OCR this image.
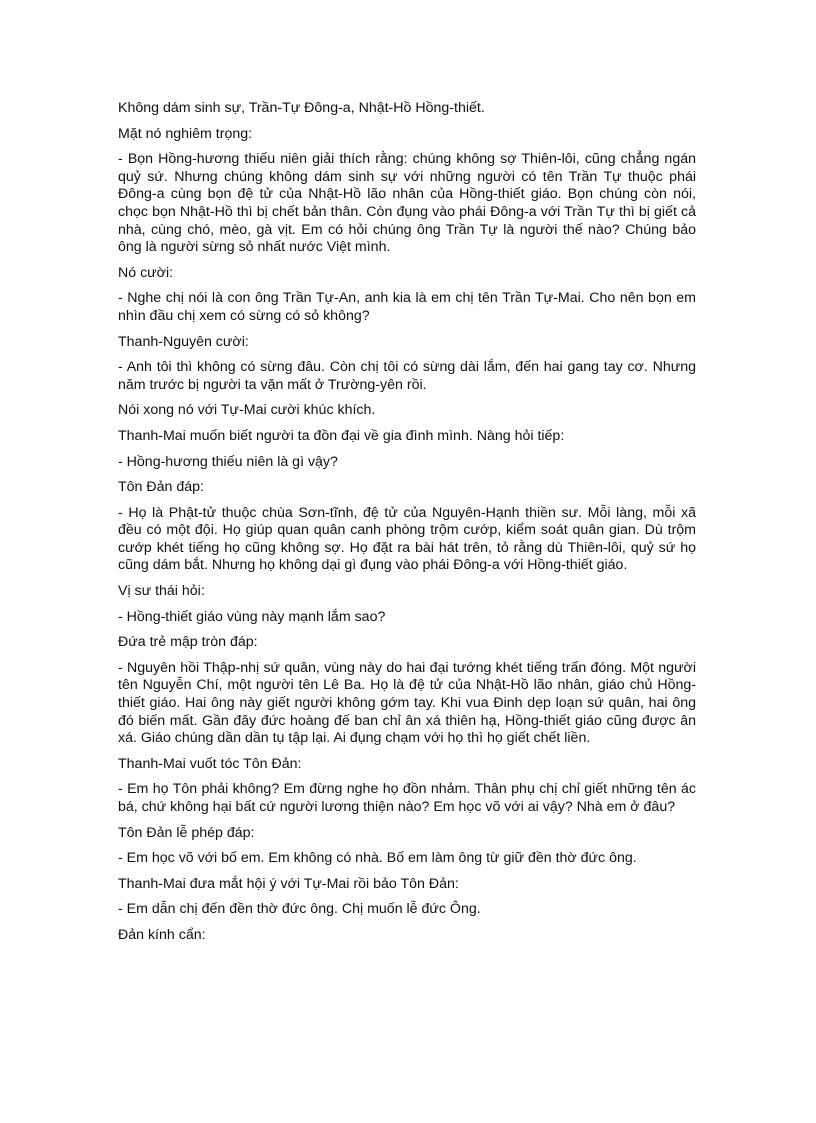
Không dám sinh sự, Trần-Tự Đông-a, Nhật-Hồ Hồng-thiết.

Mặt nó nghiêm trọng:

- Bọn Hồng-hương thiếu niên giải thích rằng: chúng không sợ Thiên-lôi, cũng chẳng ngán quỷ sứ. Nhưng chúng không dám sinh sự với những người có tên Trần Tự thuộc phái Đông-a cùng bọn đệ tử của Nhật-Hồ lão nhân của Hồng-thiết giáo. Bọn chúng còn nói, chọc bọn Nhật-Hồ thì bị chết bản thân. Còn đụng vào phái Đông-a với Trần Tự thì bị giết cả nhà, cùng chó, mèo, gà vịt. Em có hỏi chúng ông Trần Tự là người thế nào? Chúng bảo ông là người sừng sỏ nhất nước Việt mình.

Nó cười:

- Nghe chị nói là con ông Trần Tự-An, anh kia là em chị tên Trần Tự-Mai. Cho nên bọn em nhìn đầu chị xem có sừng có sỏ không?

Thanh-Nguyên cười:

- Anh tôi thì không có sừng đâu. Còn chị tôi có sừng dài lắm, đến hai gang tay cơ. Nhưng năm trước bị người ta vặn mất ở Trường-yên rồi.

Nói xong nó với Tự-Mai cười khúc khích.

Thanh-Mai muốn biết người ta đồn đại về gia đình mình. Nàng hỏi tiếp:

- Hồng-hương thiếu niên là gì vậy?

Tôn Đản đáp:

- Họ là Phật-tử thuộc chùa Sơn-tĩnh, đệ tử của Nguyên-Hạnh thiền sư. Mỗi làng, mỗi xã đều có một đội. Họ giúp quan quân canh phòng trộm cướp, kiểm soát quân gian. Dù trộm cướp khét tiếng họ cũng không sợ. Họ đặt ra bài hát trên, tỏ rằng dù Thiên-lôi, quỷ sứ họ cũng dám bắt. Nhưng họ không dại gì đụng vào phái Đông-a với Hồng-thiết giáo.

Vị sư thái hỏi:

- Hồng-thiết giáo vùng này mạnh lắm sao?

Đứa trẻ mập tròn đáp:

- Nguyên hồi Thập-nhị sứ quân, vùng này do hai đại tướng khét tiếng trấn đóng. Một người tên Nguyễn Chí, một người tên Lê Ba. Họ là đệ tử của Nhật-Hồ lão nhân, giáo chủ Hồng-thiết giáo. Hai ông này giết người không gớm tay. Khi vua Đinh dẹp loạn sứ quân, hai ông đó biến mất. Gần đây đức hoàng đế ban chỉ ân xá thiên hạ, Hồng-thiết giáo cũng được ân xá. Giáo chúng dần dần tụ tập lại. Ai đụng chạm với họ thì họ giết chết liền.

Thanh-Mai vuốt tóc Tôn Đản:

- Em họ Tôn phải không? Em đừng nghe họ đồn nhảm. Thân phụ chị chỉ giết những tên ác bá, chứ không hại bất cứ người lương thiện nào? Em học võ với ai vậy? Nhà em ở đâu?

Tôn Đản lễ phép đáp:

- Em học võ với bố em. Em không có nhà. Bố em làm ông từ giữ đền thờ đức ông.

Thanh-Mai đưa mắt hội ý với Tự-Mai rồi bảo Tôn Đản:

- Em dẫn chị đến đền thờ đức ông. Chị muốn lễ đức Ông.

Đản kính cẩn:
